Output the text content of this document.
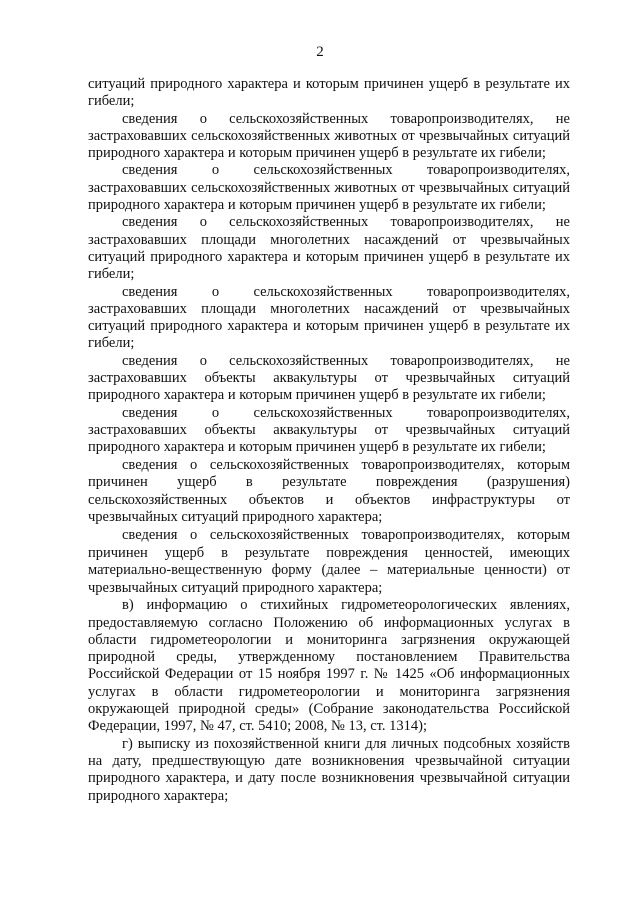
2

ситуаций природного характера и которым причинен ущерб в результате их гибели;

сведения о сельскохозяйственных товаропроизводителях, не застраховавших сельскохозяйственных животных от чрезвычайных ситуаций природного характера и которым причинен ущерб в результате их гибели;

сведения о сельскохозяйственных товаропроизводителях, застраховавших сельскохозяйственных животных от чрезвычайных ситуаций природного характера и которым причинен ущерб в результате их гибели;

сведения о сельскохозяйственных товаропроизводителях, не застраховавших площади многолетних насаждений от чрезвычайных ситуаций природного характера и которым причинен ущерб в результате их гибели;

сведения о сельскохозяйственных товаропроизводителях, застраховавших площади многолетних насаждений от чрезвычайных ситуаций природного характера и которым причинен ущерб в результате их гибели;

сведения о сельскохозяйственных товаропроизводителях, не застраховавших объекты аквакультуры от чрезвычайных ситуаций природного характера и которым причинен ущерб в результате их гибели;

сведения о сельскохозяйственных товаропроизводителях, застраховавших объекты аквакультуры от чрезвычайных ситуаций природного характера и которым причинен ущерб в результате их гибели;

сведения о сельскохозяйственных товаропроизводителях, которым причинен ущерб в результате повреждения (разрушения) сельскохозяйственных объектов и объектов инфраструктуры от чрезвычайных ситуаций природного характера;

сведения о сельскохозяйственных товаропроизводителях, которым причинен ущерб в результате повреждения ценностей, имеющих материально-вещественную форму (далее – материальные ценности) от чрезвычайных ситуаций природного характера;

в) информацию о стихийных гидрометеорологических явлениях, предоставляемую согласно Положению об информационных услугах в области гидрометеорологии и мониторинга загрязнения окружающей природной среды, утвержденному постановлением Правительства Российской Федерации от 15 ноября 1997 г. № 1425 «Об информационных услугах в области гидрометеорологии и мониторинга загрязнения окружающей природной среды» (Собрание законодательства Российской Федерации, 1997, № 47, ст. 5410; 2008, № 13, ст. 1314);

г) выписку из похозяйственной книги для личных подсобных хозяйств на дату, предшествующую дате возникновения чрезвычайной ситуации природного характера, и дату после возникновения чрезвычайной ситуации природного характера;
